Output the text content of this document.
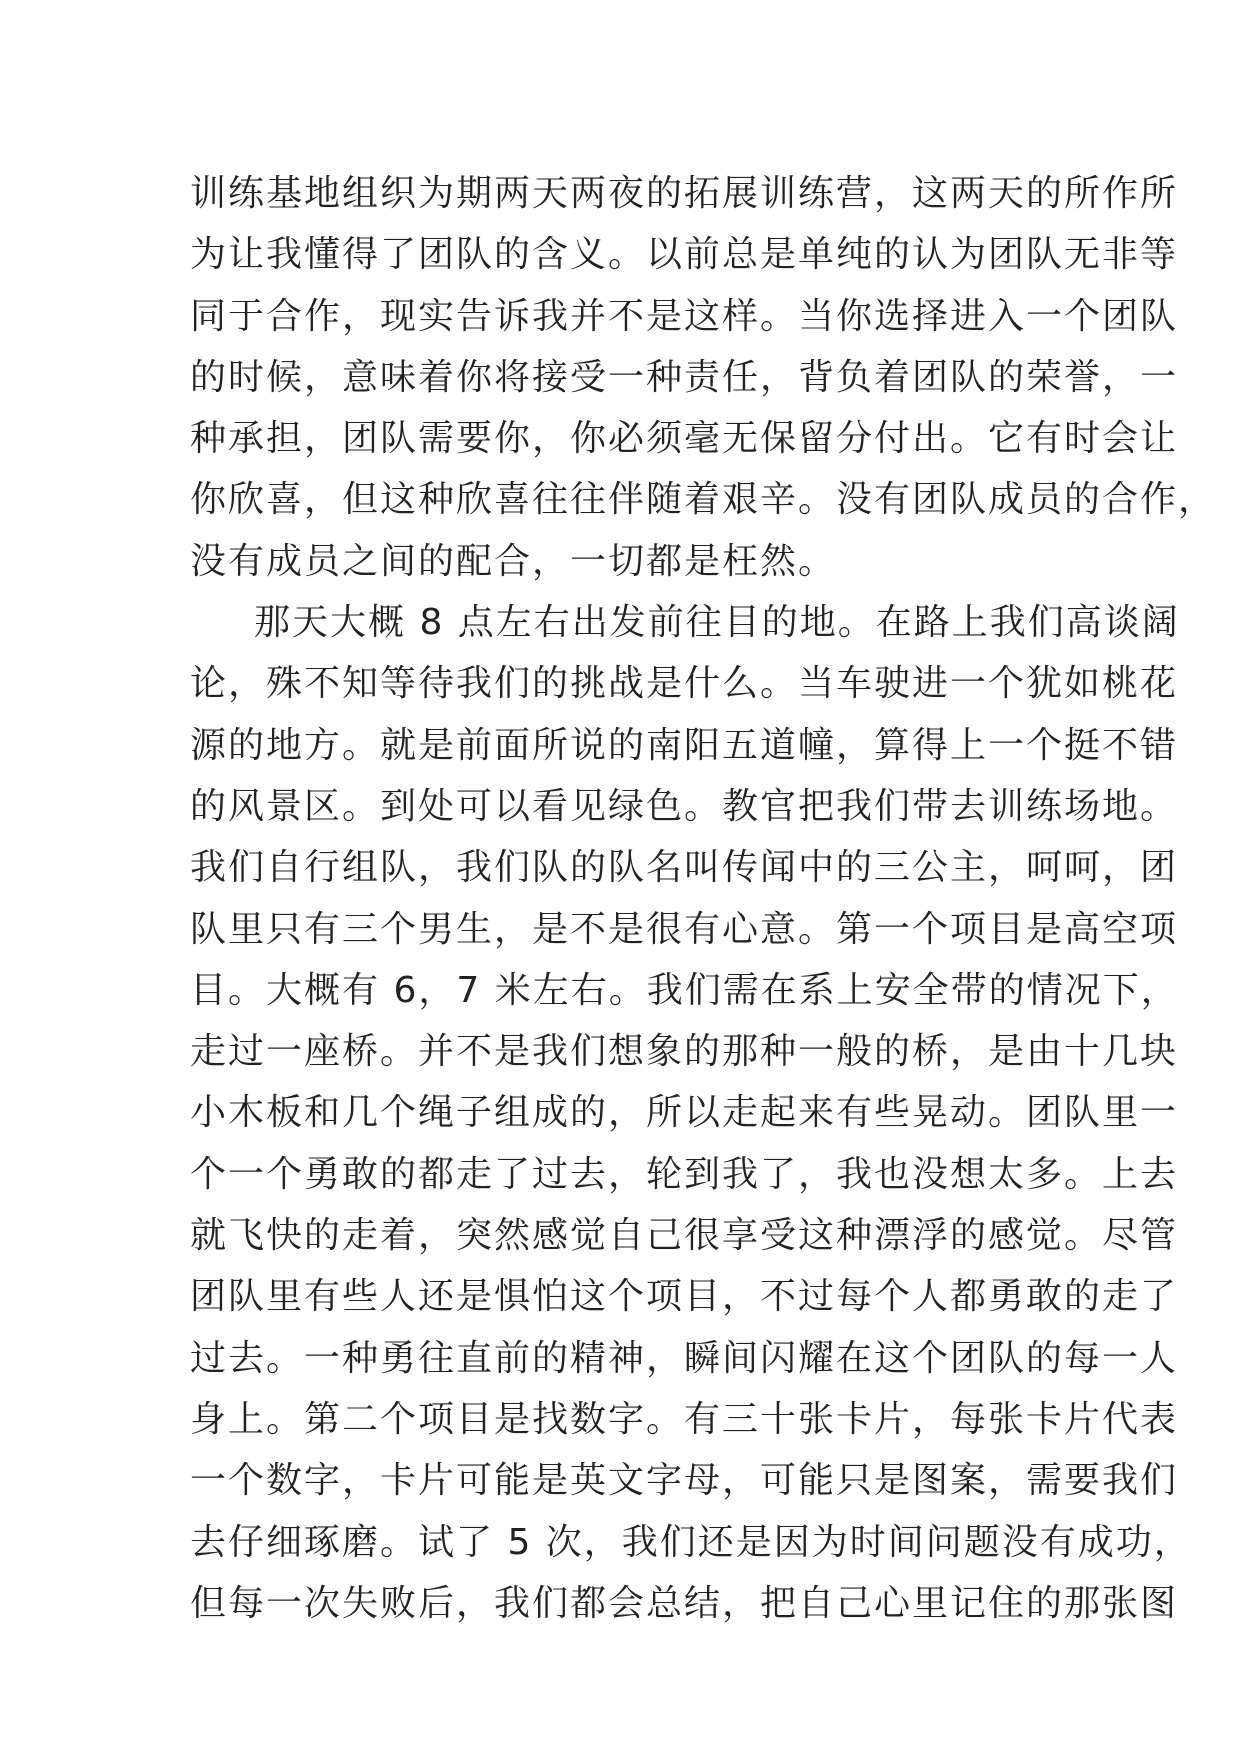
训练基地组织为期两天两夜的拓展训练营，这两天的所作所
为让我懂得了团队的含义。以前总是单纯的认为团队无非等
同于合作，现实告诉我并不是这样。当你选择进入一个团队
的时候，意味着你将接受一种责任，背负着团队的荣誉，一
种承担，团队需要你，你必须毫无保留分付出。它有时会让
你欣喜，但这种欣喜往往伴随着艰辛。没有团队成员的合作，
没有成员之间的配合，一切都是枉然。
那天大概 8 点左右出发前往目的地。在路上我们高谈阔
论，殊不知等待我们的挑战是什么。当车驶进一个犹如桃花
源的地方。就是前面所说的南阳五道幢，算得上一个挺不错
的风景区。到处可以看见绿色。教官把我们带去训练场地。
我们自行组队，我们队的队名叫传闻中的三公主，呵呵，团
队里只有三个男生，是不是很有心意。第一个项目是高空项
目。大概有 6，7 米左右。我们需在系上安全带的情况下，
走过一座桥。并不是我们想象的那种一般的桥，是由十几块
小木板和几个绳子组成的，所以走起来有些晃动。团队里一
个一个勇敢的都走了过去，轮到我了，我也没想太多。上去
就飞快的走着，突然感觉自己很享受这种漂浮的感觉。尽管
团队里有些人还是惧怕这个项目，不过每个人都勇敢的走了
过去。一种勇往直前的精神，瞬间闪耀在这个团队的每一人
身上。第二个项目是找数字。有三十张卡片，每张卡片代表
一个数字，卡片可能是英文字母，可能只是图案，需要我们
去仔细琢磨。试了 5 次，我们还是因为时间问题没有成功，
但每一次失败后，我们都会总结，把自己心里记住的那张图
